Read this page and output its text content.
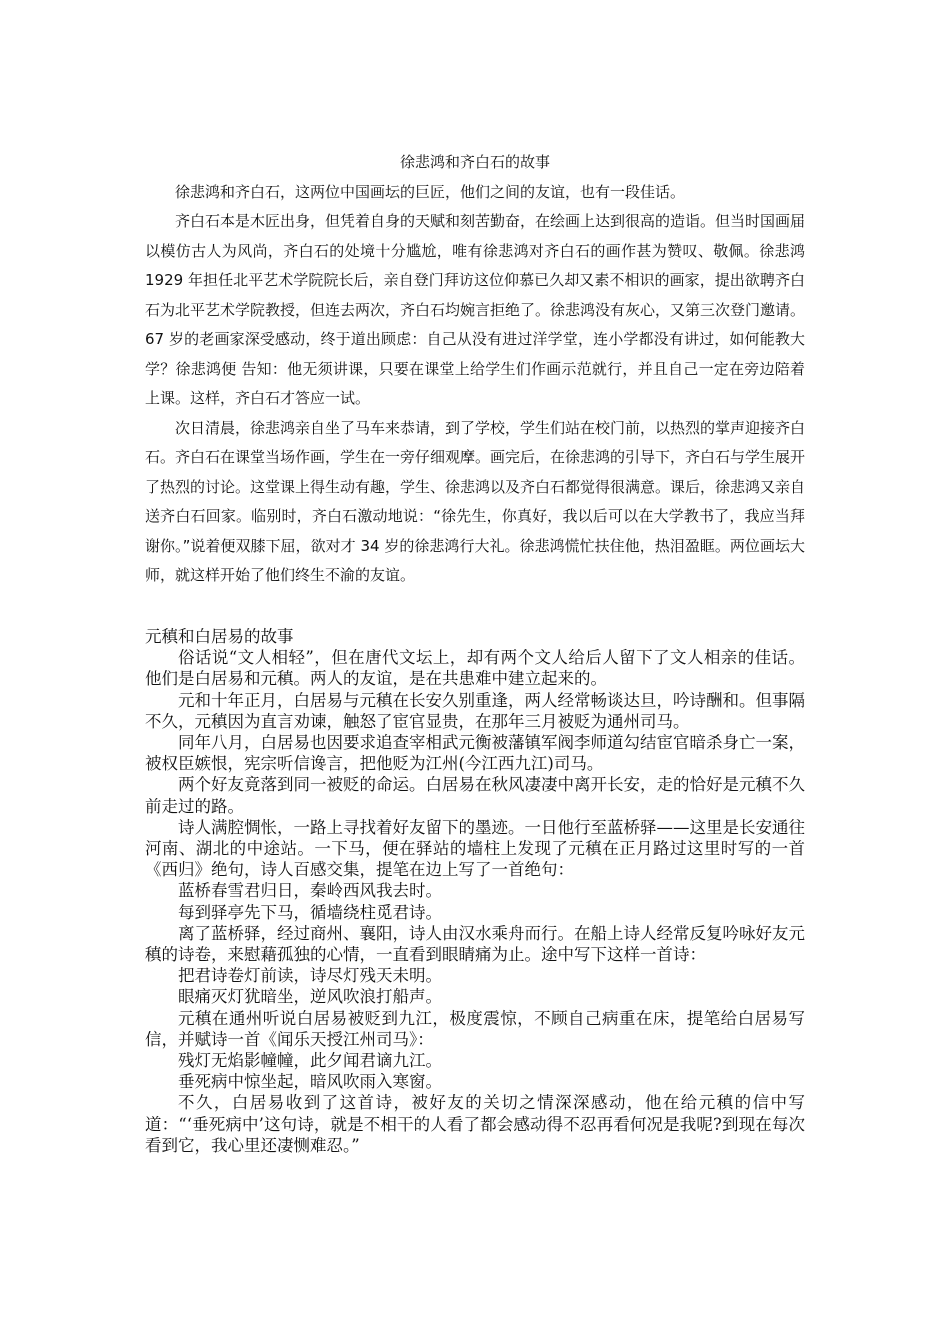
徐悲鸿和齐白石的故事

徐悲鸿和齐白石，这两位中国画坛的巨匠，他们之间的友谊，也有一段佳话。

齐白石本是木匠出身，但凭着自身的天赋和刻苦勤奋，在绘画上达到很高的造诣。但当时国画届以模仿古人为风尚，齐白石的处境十分尴尬，唯有徐悲鸿对齐白石的画作甚为赞叹、敬佩。徐悲鸿 1929 年担任北平艺术学院院长后，亲自登门拜访这位仰慕已久却又素不相识的画家，提出欲聘齐白石为北平艺术学院教授，但连去两次，齐白石均婉言拒绝了。徐悲鸿没有灰心，又第三次登门邀请。67 岁的老画家深受感动，终于道出顾虑：自己从没有进过洋学堂，连小学都没有讲过，如何能教大学？徐悲鸿便 告知：他无须讲课，只要在课堂上给学生们作画示范就行，并且自己一定在旁边陪着上课。这样，齐白石才答应一试。

次日清晨，徐悲鸿亲自坐了马车来恭请，到了学校，学生们站在校门前，以热烈的掌声迎接齐白石。齐白石在课堂当场作画，学生在一旁仔细观摩。画完后，在徐悲鸿的引导下，齐白石与学生展开了热烈的讨论。这堂课上得生动有趣，学生、徐悲鸿以及齐白石都觉得很满意。课后，徐悲鸿又亲自送齐白石回家。临别时，齐白石激动地说：“徐先生，你真好，我以后可以在大学教书了，我应当拜谢你。”说着便双膝下屈，欲对才 34 岁的徐悲鸿行大礼。徐悲鸿慌忙扶住他，热泪盈眶。两位画坛大师，就这样开始了他们终生不渝的友谊。

元稹和白居易的故事

俗话说“文人相轻”，但在唐代文坛上，却有两个文人给后人留下了文人相亲的佳话。他们是白居易和元稹。两人的友谊，是在共患难中建立起来的。

元和十年正月，白居易与元稹在长安久别重逢，两人经常畅谈达旦，吟诗酬和。但事隔不久，元稹因为直言劝谏，触怒了宦官显贵，在那年三月被贬为通州司马。

同年八月，白居易也因要求追查宰相武元衡被藩镇军阀李师道勾结宦官暗杀身亡一案，被权臣嫉恨，宪宗听信谗言，把他贬为江州(今江西九江)司马。

两个好友竟落到同一被贬的命运。白居易在秋风凄凄中离开长安，走的恰好是元稹不久前走过的路。

诗人满腔惆怅，一路上寻找着好友留下的墨迹。一日他行至蓝桥驿——这里是长安通往河南、湖北的中途站。一下马，便在驿站的墙柱上发现了元稹在正月路过这里时写的一首《西归》绝句，诗人百感交集，提笔在边上写了一首绝句：

蓝桥春雪君归日，秦岭西风我去时。

每到驿亭先下马，循墙绕柱觅君诗。

离了蓝桥驿，经过商州、襄阳，诗人由汉水乘舟而行。在船上诗人经常反复吟咏好友元稹的诗卷，来慰藉孤独的心情，一直看到眼睛痛为止。途中写下这样一首诗：

把君诗卷灯前读，诗尽灯残天未明。

眼痛灭灯犹暗坐，逆风吹浪打船声。

元稹在通州听说白居易被贬到九江，极度震惊，不顾自己病重在床，提笔给白居易写信，并赋诗一首《闻乐天授江州司马》：

残灯无焰影幢幢，此夕闻君谪九江。

垂死病中惊坐起，暗风吹雨入寒窗。

不久，白居易收到了这首诗，被好友的关切之情深深感动，他在给元稹的信中写道：“‘垂死病中’这句诗，就是不相干的人看了都会感动得不忍再看何况是我呢?到现在每次看到它，我心里还凄恻难忍。”
